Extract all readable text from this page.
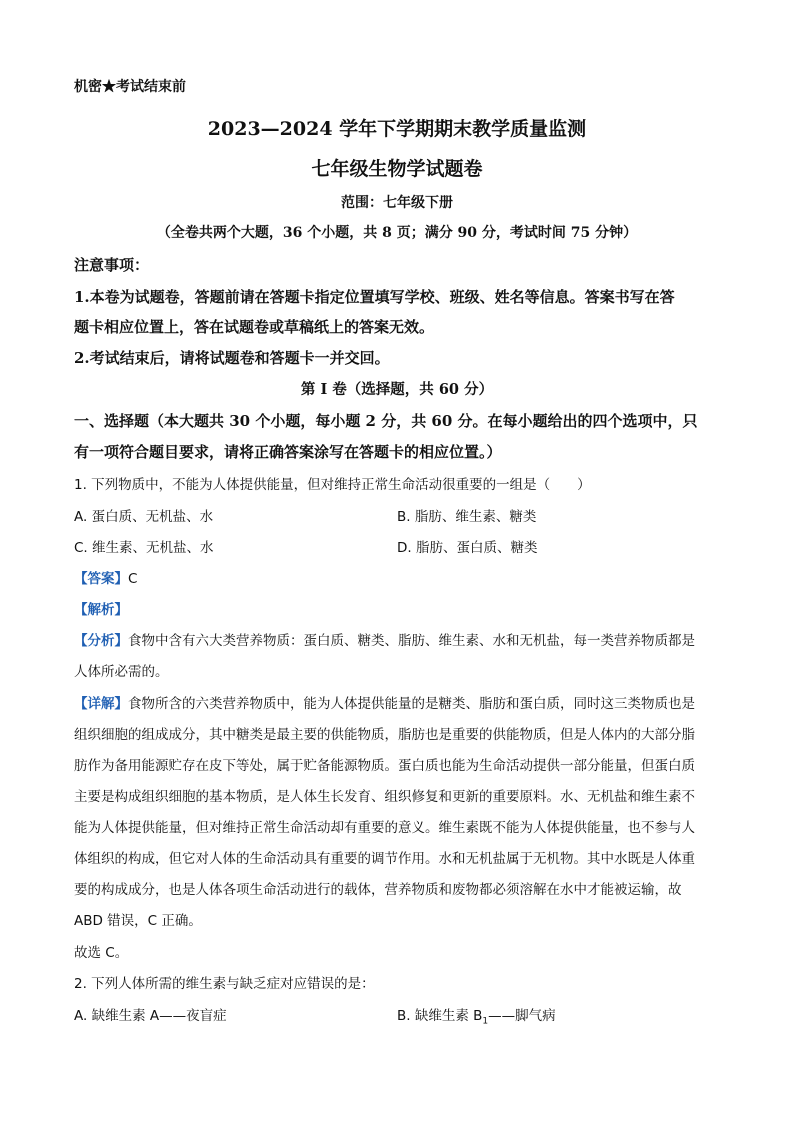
机密★考试结束前
2023—2024 学年下学期期末教学质量监测
七年级生物学试题卷
范围：七年级下册
（全卷共两个大题，36 个小题，共 8 页；满分 90 分，考试时间 75 分钟）
注意事项：
1.本卷为试题卷，答题前请在答题卡指定位置填写学校、班级、姓名等信息。答案书写在答
题卡相应位置上，答在试题卷或草稿纸上的答案无效。
2.考试结束后，请将试题卷和答题卡一并交回。
第 I 卷（选择题，共 60 分）
一、选择题（本大题共 30 个小题，每小题 2 分，共 60 分。在每小题给出的四个选项中，只
有一项符合题目要求，请将正确答案涂写在答题卡的相应位置。）
1. 下列物质中，不能为人体提供能量，但对维持正常生命活动很重要的一组是（　　）
A. 蛋白质、无机盐、水	B. 脂肪、维生素、糖类
C. 维生素、无机盐、水	D. 脂肪、蛋白质、糖类
【答案】C
【解析】
【分析】食物中含有六大类营养物质：蛋白质、糖类、脂肪、维生素、水和无机盐，每一类营养物质都是
人体所必需的。
【详解】食物所含的六类营养物质中，能为人体提供能量的是糖类、脂肪和蛋白质，同时这三类物质也是
组织细胞的组成成分，其中糖类是最主要的供能物质，脂肪也是重要的供能物质，但是人体内的大部分脂
肪作为备用能源贮存在皮下等处，属于贮备能源物质。蛋白质也能为生命活动提供一部分能量，但蛋白质
主要是构成组织细胞的基本物质，是人体生长发育、组织修复和更新的重要原料。水、无机盐和维生素不
能为人体提供能量，但对维持正常生命活动却有重要的意义。维生素既不能为人体提供能量，也不参与人
体组织的构成，但它对人体的生命活动具有重要的调节作用。水和无机盐属于无机物。其中水既是人体重
要的构成成分，也是人体各项生命活动进行的载体，营养物质和废物都必须溶解在水中才能被运输，故
ABD 错误，C 正确。
故选 C。
2. 下列人体所需的维生素与缺乏症对应错误的是：
A. 缺维生素 A——夜盲症	B. 缺维生素 $B_1——$脚气病
